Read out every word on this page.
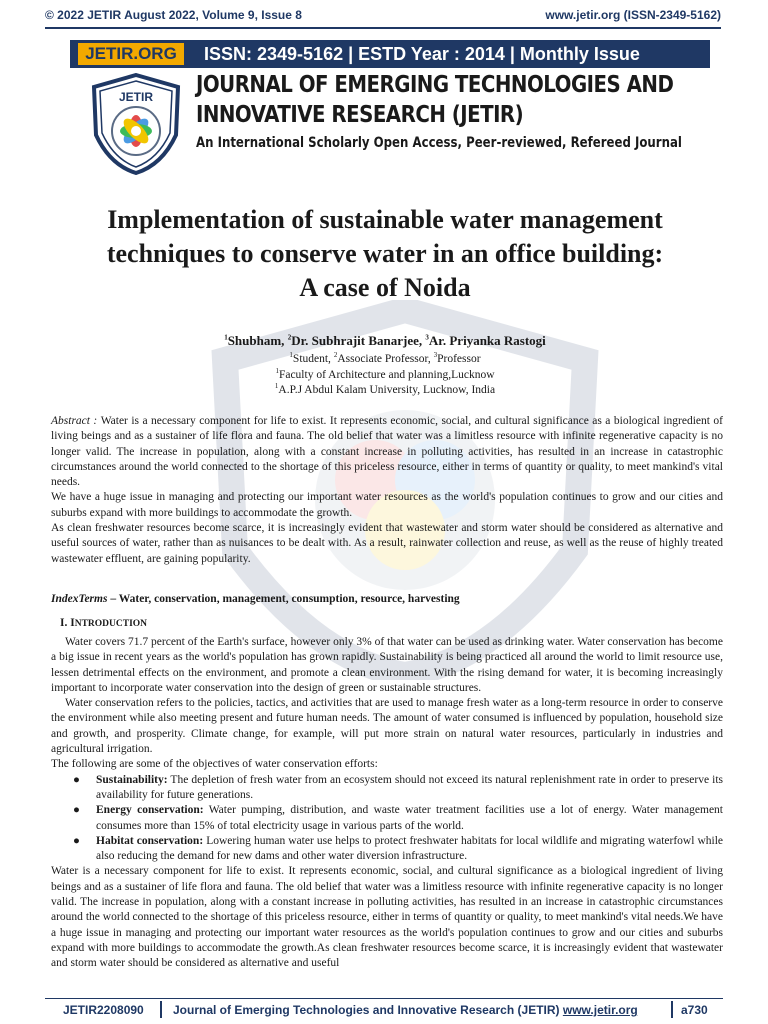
© 2022 JETIR August 2022, Volume 9, Issue 8	www.jetir.org (ISSN-2349-5162)
JETIR.ORG	ISSN: 2349-5162 | ESTD Year : 2014 | Monthly Issue
JETIR JOURNAL OF EMERGING TECHNOLOGIES AND
INNOVATIVE RESEARCH (JETIR)
An International Scholarly Open Access, Peer-reviewed, Refereed Journal
Implementation of sustainable water management
techniques to conserve water in an office building:
A case of Noida
$^1$Shubham, $^2$Dr. Subhrajit Banarjee, $^3$Ar. Priyanka Rastogi
$^1$Student, $^2$Associate Professor, $^3$Professor
$^1$Faculty of Architecture and planning,Lucknow
$^1$A.P.J Abdul Kalam University, Lucknow, India

Abstract : Water is a necessary component for life to exist. It represents economic, social, and cultural significance as a biological ingredient of living beings and as a sustainer of life flora and fauna. The old belief that water was a limitless resource with infinite regenerative capacity is no longer valid. The increase in population, along with a constant increase in polluting activities, has resulted in an increase in catastrophic circumstances around the world connected to the shortage of this priceless resource, either in terms of quantity or quality, to meet mankind's vital needs.

We have a huge issue in managing and protecting our important water resources as the world's population continues to grow and our cities and suburbs expand with more buildings to accommodate the growth.

As clean freshwater resources become scarce, it is increasingly evident that wastewater and storm water should be considered as alternative and useful sources of water, rather than as nuisances to be dealt with. As a result, rainwater collection and reuse, as well as the reuse of highly treated wastewater effluent, are gaining popularity.

IndexTerms – Water, conservation, management, consumption, resource, harvesting
I. INTRODUCTION

Water covers 71.7 percent of the Earth's surface, however only 3% of that water can be used as drinking water. Water conservation has become a big issue in recent years as the world's population has grown rapidly. Sustainability is being practiced all around the world to limit resource use, lessen detrimental effects on the environment, and promote a clean environment. With the rising demand for water, it is becoming increasingly important to incorporate water conservation into the design of green or sustainable structures.

Water conservation refers to the policies, tactics, and activities that are used to manage fresh water as a long-term resource in order to conserve the environment while also meeting present and future human needs. The amount of water consumed is influenced by population, household size and growth, and prosperity. Climate change, for example, will put more strain on natural water resources, particularly in industries and agricultural irrigation.

The following are some of the objectives of water conservation efforts:

● Sustainability: The depletion of fresh water from an ecosystem should not exceed its natural replenishment rate in order to preserve its availability for future generations.
● Energy conservation: Water pumping, distribution, and waste water treatment facilities use a lot of energy. Water management consumes more than 15% of total electricity usage in various parts of the world.
● Habitat conservation: Lowering human water use helps to protect freshwater habitats for local wildlife and migrating waterfowl while also reducing the demand for new dams and other water diversion infrastructure.

Water is a necessary component for life to exist. It represents economic, social, and cultural significance as a biological ingredient of living beings and as a sustainer of life flora and fauna. The old belief that water was a limitless resource with infinite regenerative capacity is no longer valid. The increase in population, along with a constant increase in polluting activities, has resulted in an increase in catastrophic circumstances around the world connected to the shortage of this priceless resource, either in terms of quantity or quality, to meet mankind's vital needs.We have a huge issue in managing and protecting our important water resources as the world's population continues to grow and our cities and suburbs expand with more buildings to accommodate the growth.As clean freshwater resources become scarce, it is increasingly evident that wastewater and storm water should be considered as alternative and useful

JETIR2208090 Journal of Emerging Technologies and Innovative Research (JETIR) www.jetir.org	a730
